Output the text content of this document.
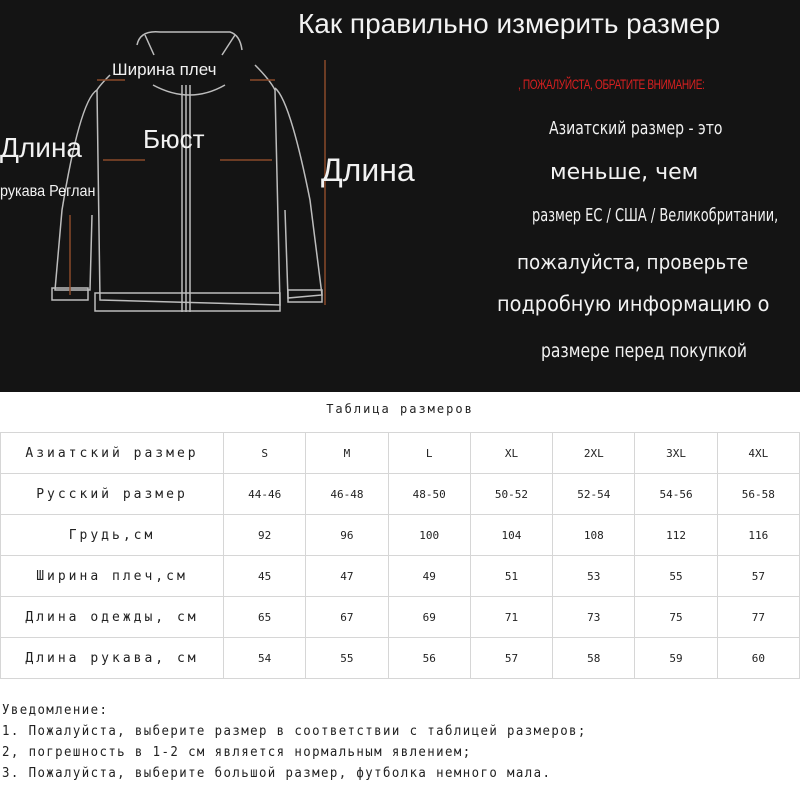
Как правильно измерить размер
Ширина плеч
Бюст
Длина
рукава Реглан
Длина
, ПОЖАЛУЙСТА, ОБРАТИТЕ ВНИМАНИЕ:
Азиатский размер - это
меньше, чем
размер ЕС / США / Великобритании,
пожалуйста, проверьте
подробную информацию о
размере перед покупкой
Таблица размеров
Азиатский размер	S	M	L	XL	2XL	3XL	4XL

Русский размер	44-46	46-48	48-50	50-52	52-54	54-56	56-58

Грудь,см	92	96	100	104	108	112	116

Ширина плеч,см	45	47	49	51	53	55	57

Длина одежды, см	65	67	69	71	73	75	77

Длина рукава, см	54	55	56	57	58	59	60
Уведомление:
1. Пожалуйста, выберите размер в соответствии с таблицей размеров;
2, погрешность в 1-2 см является нормальным явлением;
3. Пожалуйста, выберите большой размер, футболка немного мала.
